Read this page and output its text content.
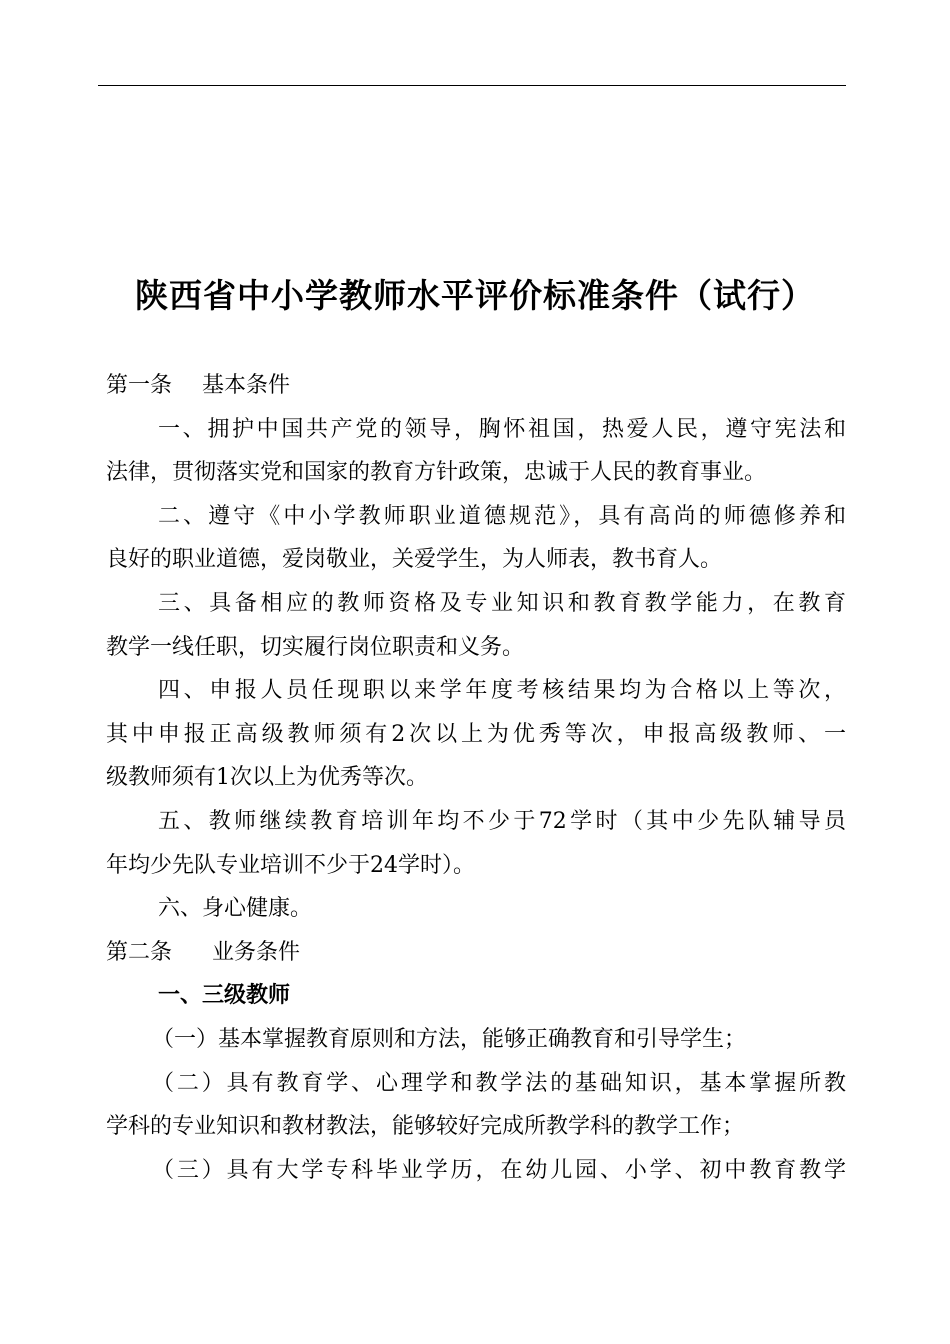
陕西省中小学教师水平评价标准条件（试行）
第一条 基本条件
一、拥护中国共产党的领导，胸怀祖国，热爱人民，遵守宪法和
法律，贯彻落实党和国家的教育方针政策，忠诚于人民的教育事业。
二、遵守《中小学教师职业道德规范》，具有高尚的师德修养和
良好的职业道德，爱岗敬业，关爱学生，为人师表，教书育人。
三、具备相应的教师资格及专业知识和教育教学能力，在教育
教学一线任职，切实履行岗位职责和义务。
四、申报人员任现职以来学年度考核结果均为合格以上等次，
其中申报正高级教师须有2次以上为优秀等次，申报高级教师、一
级教师须有1次以上为优秀等次。
五、教师继续教育培训年均不少于72学时（其中少先队辅导员
年均少先队专业培训不少于24学时）。
六、身心健康。
第二条 业务条件
一、三级教师
（一）基本掌握教育原则和方法，能够正确教育和引导学生；
（二）具有教育学、心理学和教学法的基础知识，基本掌握所教
学科的专业知识和教材教法，能够较好完成所教学科的教学工作；
（三）具有大学专科毕业学历，在幼儿园、小学、初中教育教学
